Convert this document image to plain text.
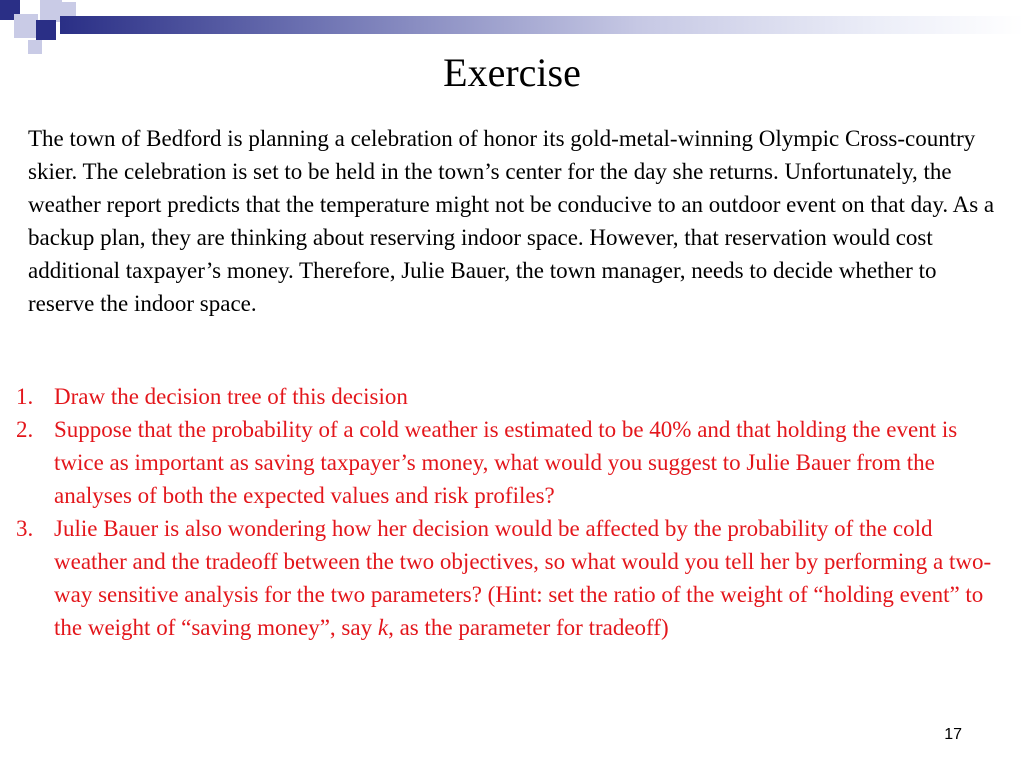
Exercise

The town of Bedford is planning a celebration of honor its gold-metal-winning Olympic Cross-country skier. The celebration is set to be held in the town’s center for the day she returns. Unfortunately, the weather report predicts that the temperature might not be conducive to an outdoor event on that day. As a backup plan, they are thinking about reserving indoor space. However, that reservation would cost additional taxpayer’s money. Therefore, Julie Bauer, the town manager, needs to decide whether to reserve the indoor space.

1. Draw the decision tree of this decision
2. Suppose that the probability of a cold weather is estimated to be 40% and that holding the event is twice as important as saving taxpayer’s money, what would you suggest to Julie Bauer from the analyses of both the expected values and risk profiles?
3. Julie Bauer is also wondering how her decision would be affected by the probability of the cold weather and the tradeoff between the two objectives, so what would you tell her by performing a two-way sensitive analysis for the two parameters? (Hint: set the ratio of the weight of “holding event” to the weight of “saving money”, say k, as the parameter for tradeoff)
17
